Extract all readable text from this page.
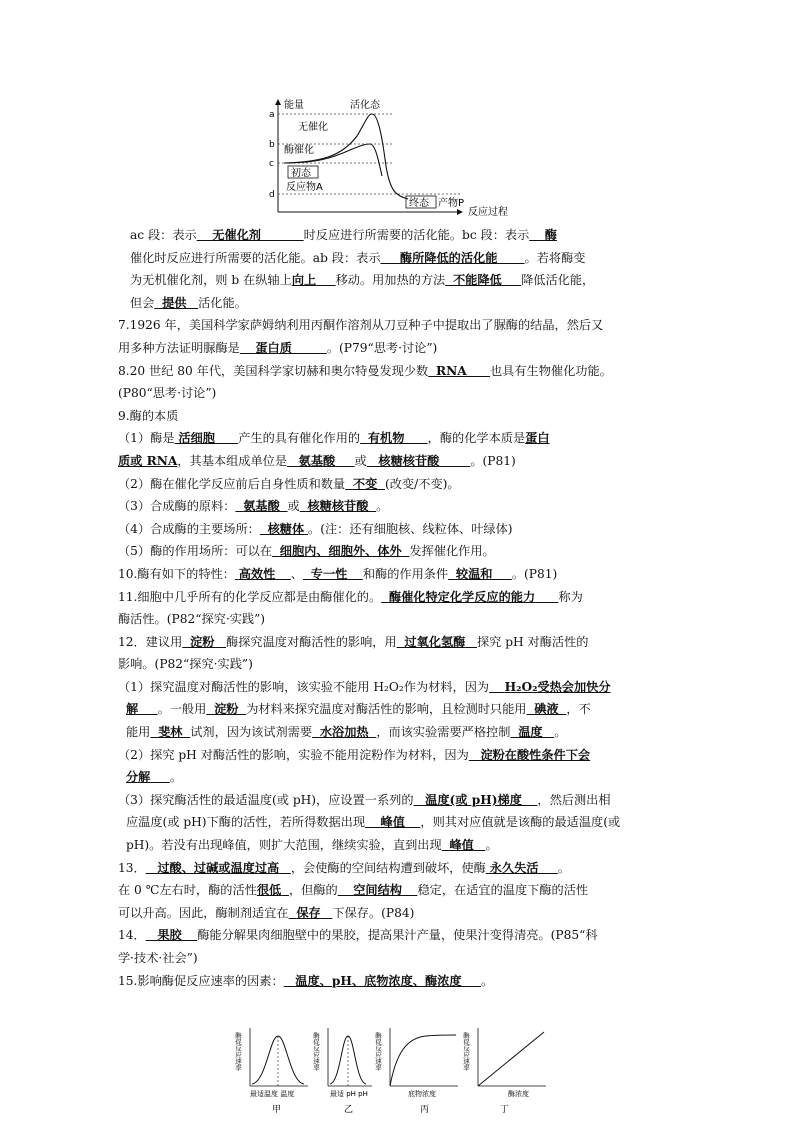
能量	活化态
反应过程
a
b
c
d
无催化
酶催化
初态
反应物A
终态 产物P
ac 段：表示 无催化剂	时反应进行所需要的活化能。bc 段：表示 酶
催化时反应进行所需要的活化能。ab 段：表示 酶所降低的活化能 。若将酶变
为无机催化剂，则 b 在纵轴上向上 移动。用加热的方法 不能降低 降低活化能，
但会 提供 活化能。
7.1926 年，美国科学家萨姆纳利用丙酮作溶剂从刀豆种子中提取出了脲酶的结晶，然后又
用多种方法证明脲酶是 蛋白质	。(P79“思考·讨论”)
8.20 世纪 80 年代，美国科学家切赫和奥尔特曼发现少数 RNA 也具有生物催化功能。
(P80“思考·讨论”)
9.酶的本质
（1）酶是 活细胞 产生的具有催化作用的 有机物 ，酶的化学本质是蛋白
质或 RNA，其基本组成单位是 氨基酸 或 核糖核苷酸	。(P81)
（2）酶在催化学反应前后自身性质和数量 不变 (改变/不变)。
（3）合成酶的原料： 氨基酸 或 核糖核苷酸 。
（4）合成酶的主要场所： 核糖体 。(注：还有细胞核、线粒体、叶绿体)
（5）酶的作用场所：可以在 细胞内、细胞外、体外 发挥催化作用。
10.酶有如下的特性： 高效性 、 专一性 和酶的作用条件 较温和 。(P81)
11.细胞中几乎所有的化学反应都是由酶催化的。 酶催化特定化学反应的能力 称为
酶活性。(P82“探究·实践”)
12．建议用 淀粉 酶探究温度对酶活性的影响，用 过氧化氢酶 探究 pH 对酶活性的
影响。(P82“探究·实践”)
（1）探究温度对酶活性的影响，该实验不能用 H₂O₂作为材料，因为 H₂O₂受热会加快分
解 。一般用 淀粉 为材料来探究温度对酶活性的影响，且检测时只能用 碘液 ，不
能用 斐林 试剂，因为该试剂需要 水浴加热 ，而该实验需要严格控制 温度 。
（2）探究 pH 对酶活性的影响，实验不能用淀粉作为材料，因为 淀粉在酸性条件下会
分解 。
（3）探究酶活性的最适温度(或 pH)，应设置一系列的 温度(或 pH)梯度 ，然后测出相
应温度(或 pH)下酶的活性，若所得数据出现 峰值 ，则其对应值就是该酶的最适温度(或
pH)。若没有出现峰值，则扩大范围，继续实验，直到出现 峰值 。
13． 过酸、过碱或温度过高 ，会使酶的空间结构遭到破坏，使酶 永久失活 。
在 0 ℃左右时，酶的活性很低 ，但酶的 空间结构 稳定，在适宜的温度下酶的活性
可以升高。因此，酶制剂适宜在 保存 下保存。(P84)
14． 果胶 酶能分解果肉细胞壁中的果胶，提高果汁产量，使果汁变得清亮。(P85“科
学·技术·社会”)
15.影响酶促反应速率的因素： 温度、pH、底物浓度、酶浓度 。
酶促反应速率
最适温度 温度
甲
酶促反应速率
最适 pH pH
乙
酶促反应速率
底物浓度
丙
酶促反应速率
酶浓度
丁
